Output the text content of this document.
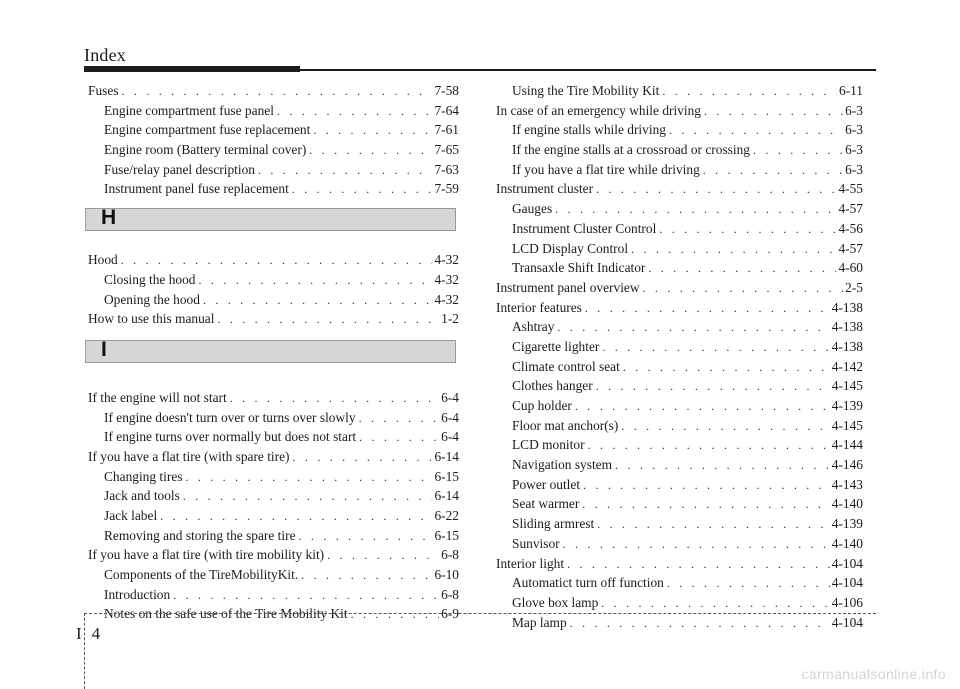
Index
Fuses . . .	7-58
Engine compartment fuse panel . . .	7-64
Engine compartment fuse replacement . . .	7-61
Engine room (Battery terminal cover) . . .	7-65
Fuse/relay panel description . . .	7-63
Instrument panel fuse replacement . . .	7-59
H
Hood . . .	4-32
Closing the hood . . .	4-32
Opening the hood . . .	4-32
How to use this manual . . .	1-2
I
If the engine will not start . . .	6-4
If engine doesn't turn over or turns over slowly . . .	6-4
If engine turns over normally but does not start . . .	6-4
If you have a flat tire (with spare tire) . . .	6-14
Changing tires . . .	6-15
Jack and tools . . .	6-14
Jack label . . .	6-22
Removing and storing the spare tire . . .	6-15
If you have a flat tire (with tire mobility kit) . . .	6-8
Components of the TireMobilityKit. . . .	6-10
Introduction . . .	6-8
Notes on the safe use of the Tire Mobility Kit . . .	6-9
Using the Tire Mobility Kit . . .	6-11
In case of an emergency while driving . . .	6-3
If engine stalls while driving . . .	6-3
If the engine stalls at a crossroad or crossing . . .	6-3
If you have a flat tire while driving . . .	6-3
Instrument cluster . . .	4-55
Gauges . . .	4-57
Instrument Cluster Control . . .	4-56
LCD Display Control . . .	4-57
Transaxle Shift Indicator . . .	4-60
Instrument panel overview . . .	2-5
Interior features . . .	4-138
Ashtray . . .	4-138
Cigarette lighter . . .	4-138
Climate control seat . . .	4-142
Clothes hanger . . .	4-145
Cup holder . . .	4-139
Floor mat anchor(s) . . .	4-145
LCD monitor . . .	4-144
Navigation system . . .	4-146
Power outlet . . .	4-143
Seat warmer . . .	4-140
Sliding armrest . . .	4-139
Sunvisor . . .	4-140
Interior light . . .	4-104
Automatict turn off function . . .	4-104
Glove box lamp . . .	4-106
Map lamp . . .	4-104
I 4
carmanualsonline.info
